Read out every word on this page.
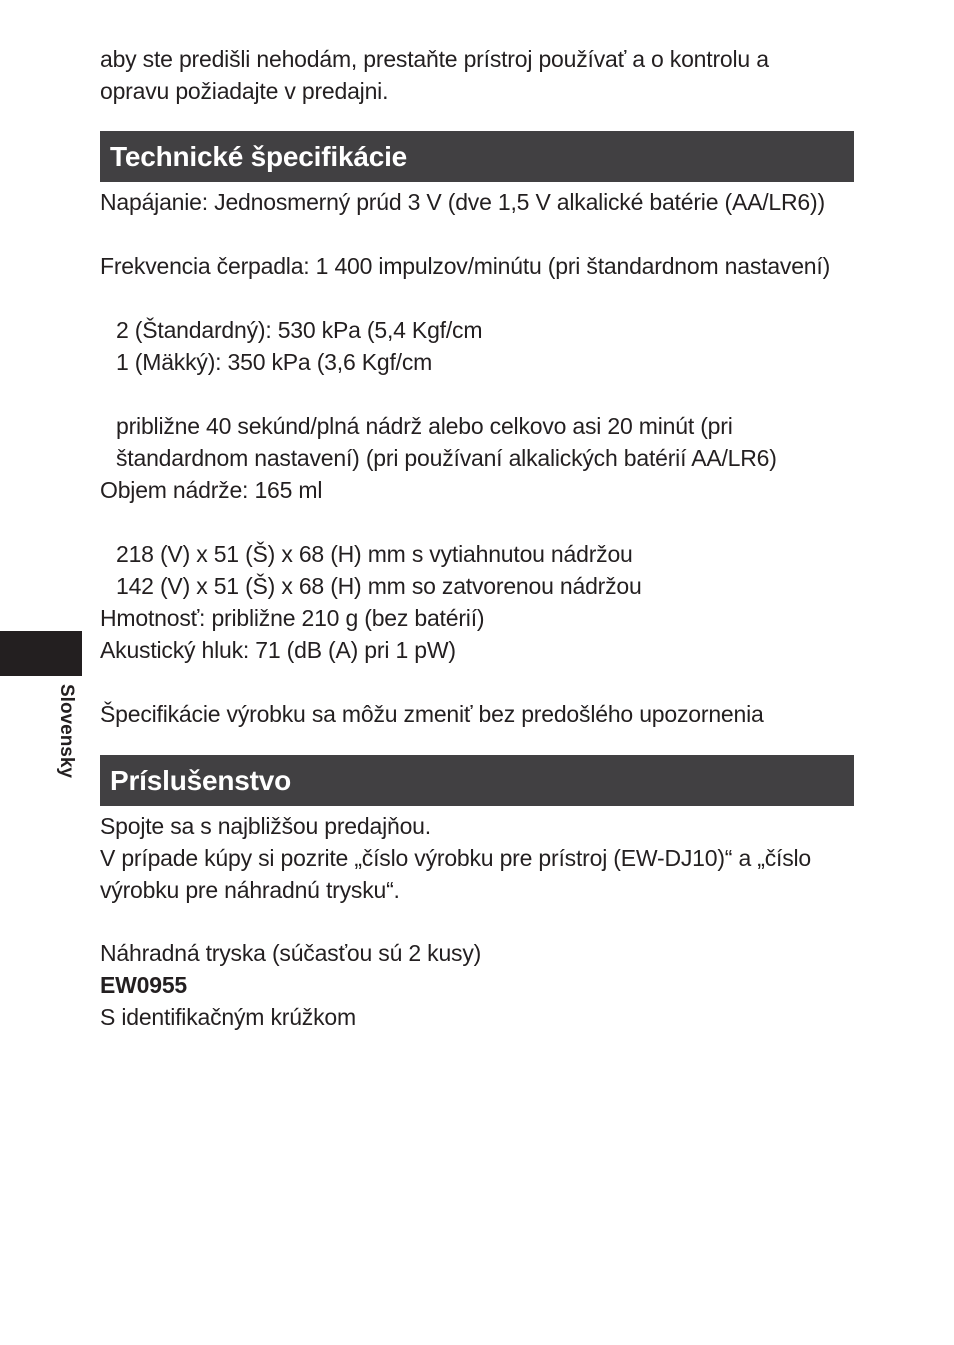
aby ste predišli nehodám, prestaňte prístroj používať a o kontrolu a
opravu požiadajte v predajni.
Technické špecifikácie
Napájanie: Jednosmerný prúd 3 V (dve 1,5 V alkalické batérie (AA/LR6))
Frekvencia čerpadla: 1 400 impulzov/minútu (pri štandardnom nastavení)
2 (Štandardný): 530 kPa (5,4 Kgf/cm
1 (Mäkký): 350 kPa (3,6 Kgf/cm
približne 40 sekúnd/plná nádrž alebo celkovo asi 20 minút (pri
štandardnom nastavení) (pri používaní alkalických batérií AA/LR6)
Objem nádrže: 165 ml
218 (V) x 51 (Š) x 68 (H) mm s vytiahnutou nádržou
142 (V) x 51 (Š) x 68 (H) mm so zatvorenou nádržou
Hmotnosť: približne 210 g (bez batérií)
Akustický hluk: 71 (dB (A) pri 1 pW)
Špecifikácie výrobku sa môžu zmeniť bez predošlého upozornenia
Príslušenstvo
Spojte sa s najbližšou predajňou.
V prípade kúpy si pozrite „číslo výrobku pre prístroj (EW-DJ10)“ a „číslo
výrobku pre náhradnú trysku“.
Náhradná tryska (súčasťou sú 2 kusy)
EW0955
S identifikačným krúžkom
Slovensky
